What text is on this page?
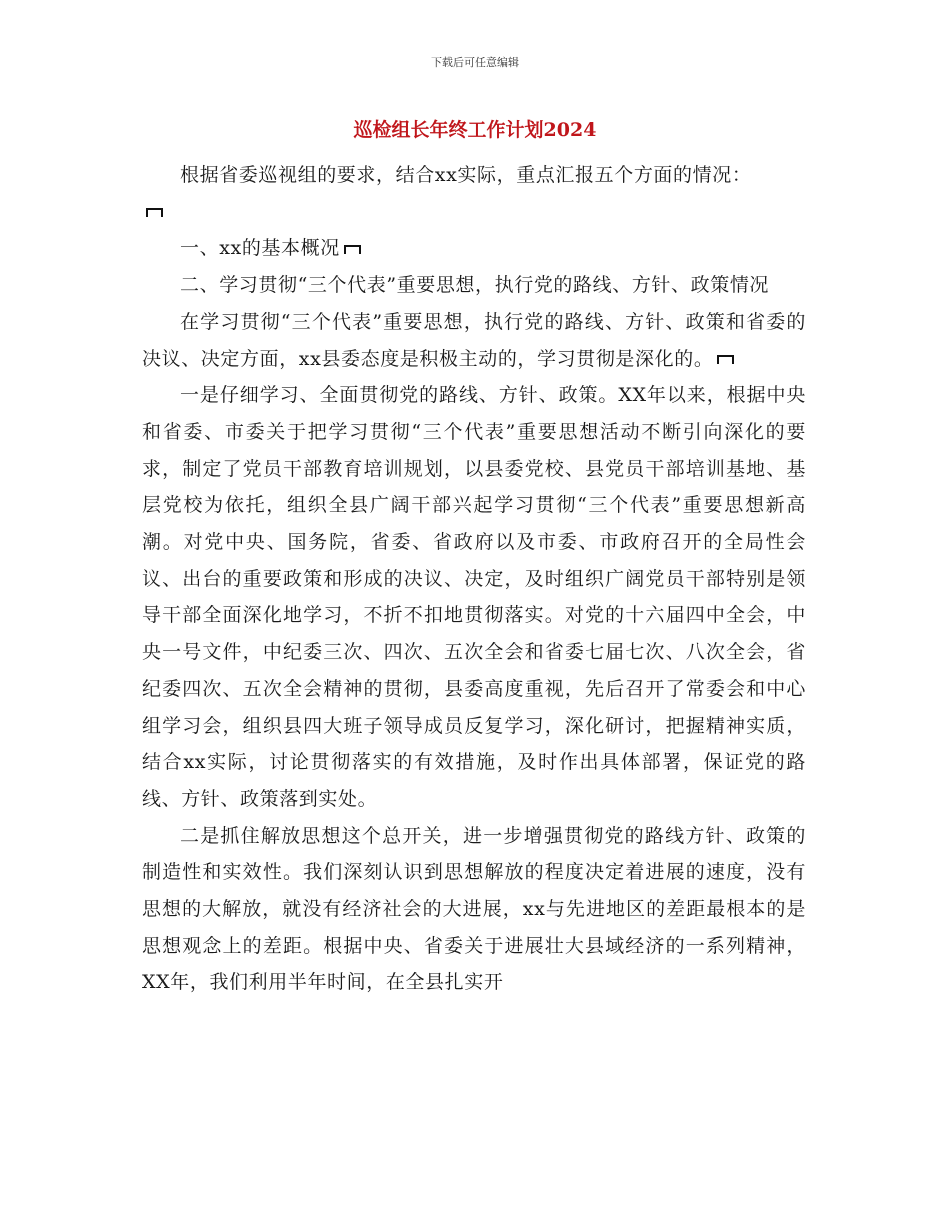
下载后可任意编辑
巡检组长年终工作计划2024

根据省委巡视组的要求，结合xx实际，重点汇报五个方面的情况：

一、xx的基本概况

二、学习贯彻“三个代表”重要思想，执行党的路线、方针、政策情况

在学习贯彻“三个代表”重要思想，执行党的路线、方针、政策和省委的决议、决定方面，xx县委态度是积极主动的，学习贯彻是深化的。

一是仔细学习、全面贯彻党的路线、方针、政策。XX年以来，根据中央和省委、市委关于把学习贯彻“三个代表”重要思想活动不断引向深化的要求，制定了党员干部教育培训规划，以县委党校、县党员干部培训基地、基层党校为依托，组织全县广阔干部兴起学习贯彻“三个代表”重要思想新高潮。对党中央、国务院，省委、省政府以及市委、市政府召开的全局性会议、出台的重要政策和形成的决议、决定，及时组织广阔党员干部特别是领导干部全面深化地学习，不折不扣地贯彻落实。对党的十六届四中全会，中央一号文件，中纪委三次、四次、五次全会和省委七届七次、八次全会，省纪委四次、五次全会精神的贯彻，县委高度重视，先后召开了常委会和中心组学习会，组织县四大班子领导成员反复学习，深化研讨，把握精神实质，结合xx实际，讨论贯彻落实的有效措施，及时作出具体部署，保证党的路线、方针、政策落到实处。

二是抓住解放思想这个总开关，进一步增强贯彻党的路线方针、政策的制造性和实效性。我们深刻认识到思想解放的程度决定着进展的速度，没有思想的大解放，就没有经济社会的大进展，xx与先进地区的差距最根本的是思想观念上的差距。根据中央、省委关于进展壮大县域经济的一系列精神，XX年，我们利用半年时间，在全县扎实开
